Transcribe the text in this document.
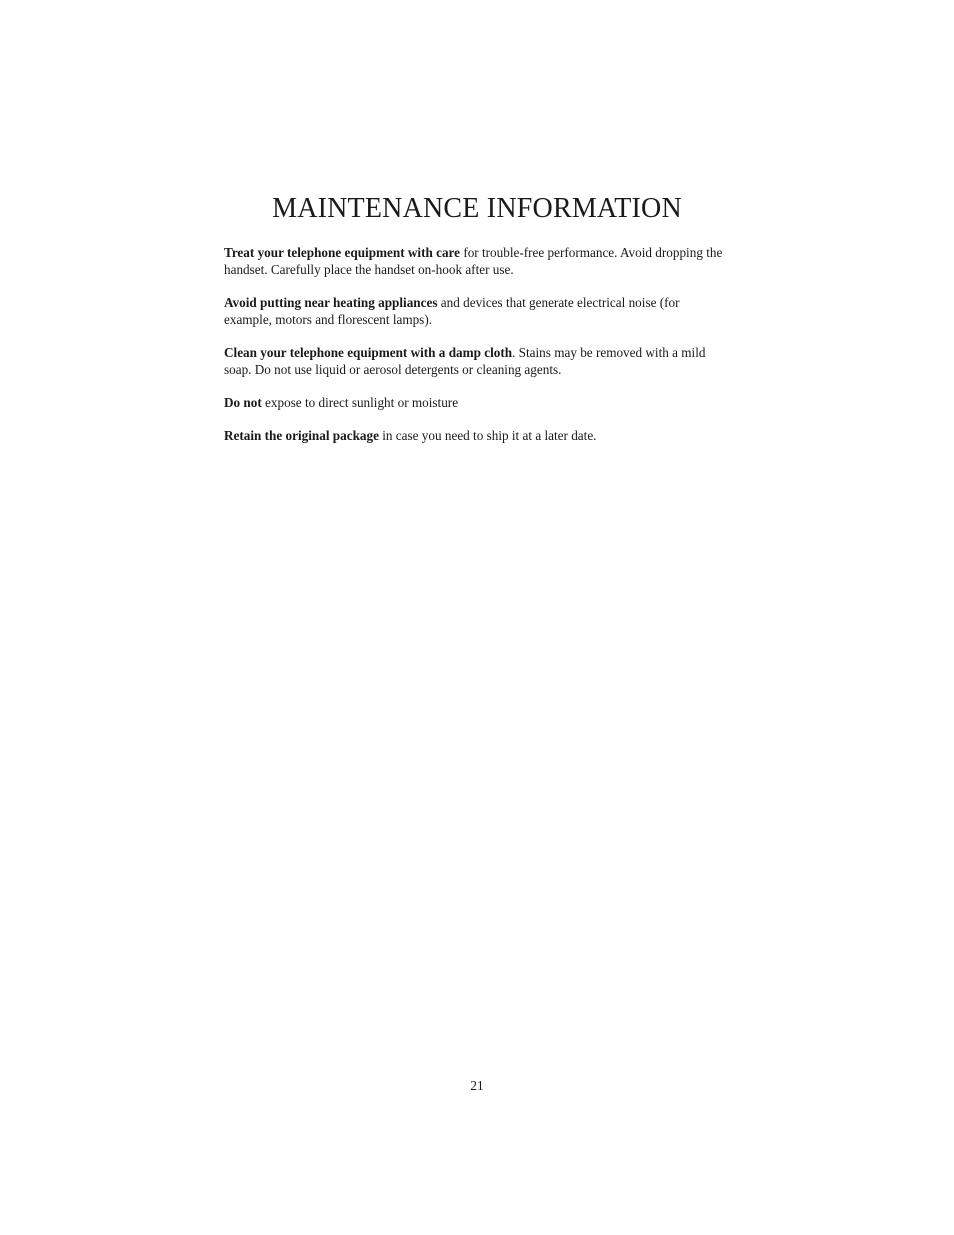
MAINTENANCE INFORMATION

Treat your telephone equipment with care for trouble-free performance. Avoid dropping the handset. Carefully place the handset on-hook after use.

Avoid putting near heating appliances and devices that generate electrical noise (for example, motors and florescent lamps).

Clean your telephone equipment with a damp cloth. Stains may be removed with a mild soap. Do not use liquid or aerosol detergents or cleaning agents.

Do not expose to direct sunlight or moisture

Retain the original package in case you need to ship it at a later date.

21
